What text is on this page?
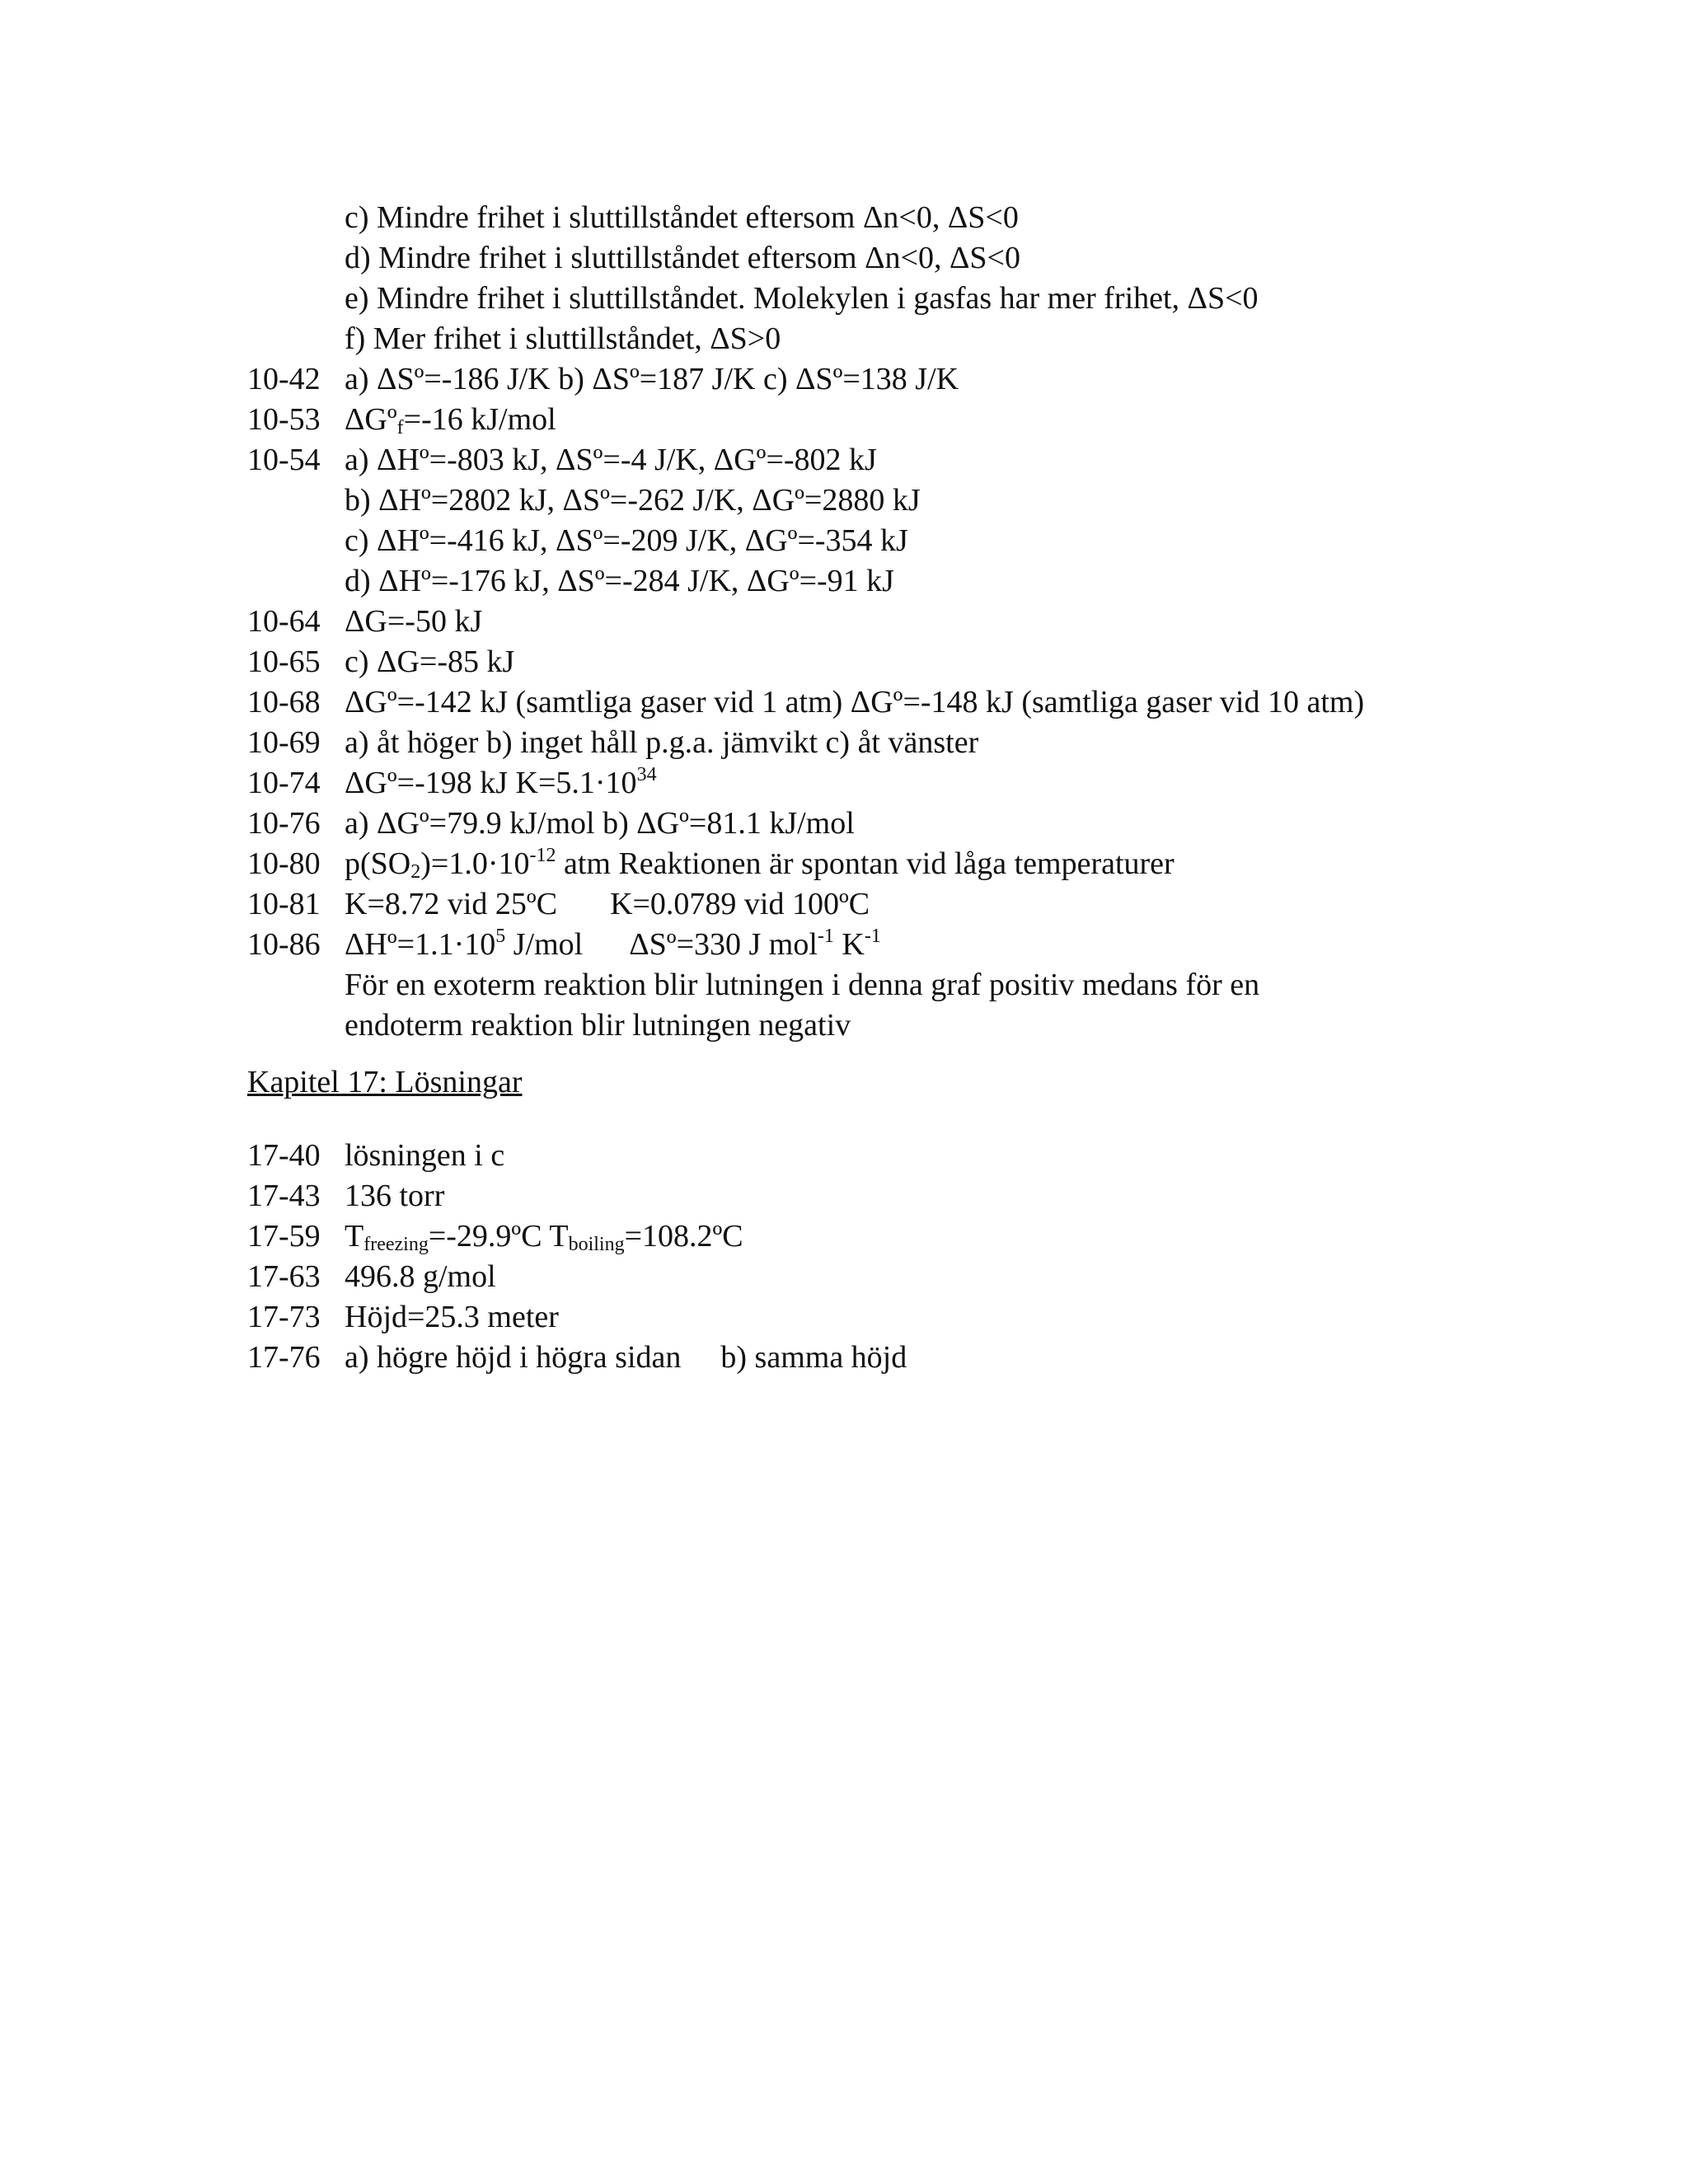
c) Mindre frihet i sluttillståndet eftersom Δn<0, ΔS<0
d) Mindre frihet i sluttillståndet eftersom Δn<0, ΔS<0
e) Mindre frihet i sluttillståndet. Molekylen i gasfas har mer frihet, ΔS<0
f) Mer frihet i sluttillståndet, ΔS>0
10-42 a) ΔSº=-186 J/K b) ΔSº=187 J/K c) ΔSº=138 J/K
10-53 ΔGº$_f$=-16 kJ/mol
10-54 a) ΔHº=-803 kJ, ΔSº=-4 J/K, ΔGº=-802 kJ
b) ΔHº=2802 kJ, ΔSº=-262 J/K, ΔGº=2880 kJ
c) ΔHº=-416 kJ, ΔSº=-209 J/K, ΔGº=-354 kJ
d) ΔHº=-176 kJ, ΔSº=-284 J/K, ΔGº=-91 kJ
10-64 ΔG=-50 kJ
10-65 c) ΔG=-85 kJ
10-68 ΔGº=-142 kJ (samtliga gaser vid 1 atm) ΔGº=-148 kJ (samtliga gaser vid 10 atm)
10-69 a) åt höger b) inget håll p.g.a. jämvikt c) åt vänster
10-74 ΔGº=-198 kJ $K=5.1\cdot 10^{34}$
10-76 a) ΔGº=79.9 kJ/mol b) ΔGº=81.1 kJ/mol
10-80 $p(SO_2)=1.0\cdot 10^{-12}$ atm Reaktionen är spontan vid låga temperaturer
10-81 K=8.72 vid 25ºC K=0.0789 vid 100ºC
10-86 $\Delta Hº=1.1\cdot 10^5$ J/mol ΔSº=330 J mol$^{-1}$ $K^{-1}$
För en exoterm reaktion blir lutningen i denna graf positiv medans för en
endoterm reaktion blir lutningen negativ
Kapitel 17: Lösningar
17-40 lösningen i c
17-43 136 torr
17-59 $T_{freezing}=-29.9ºC$ $T_{boiling}=108.2ºC$
17-63 496.8 g/mol
17-73 Höjd=25.3 meter
17-76 a) högre höjd i högra sidan b) samma höjd
